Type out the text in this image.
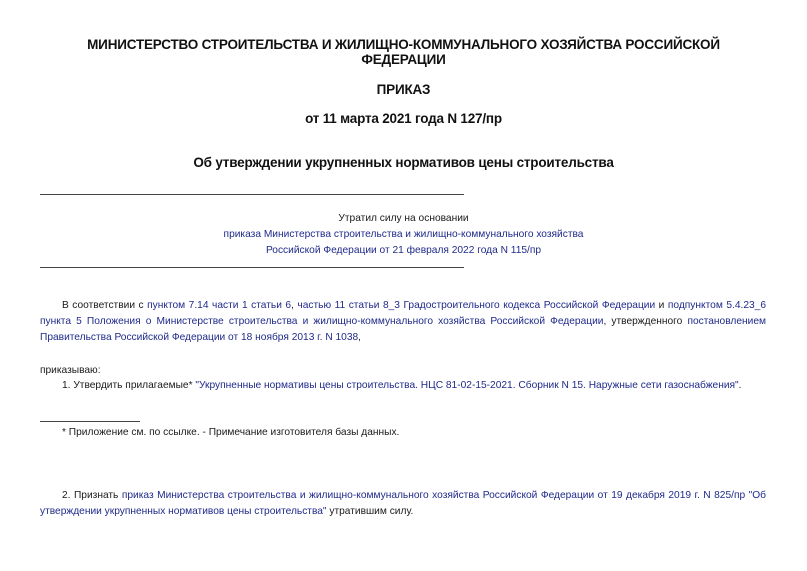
МИНИСТЕРСТВО СТРОИТЕЛЬСТВА И ЖИЛИЩНО-КОММУНАЛЬНОГО ХОЗЯЙСТВА РОССИЙСКОЙ
ФЕДЕРАЦИИ
ПРИКАЗ
от 11 марта 2021 года N 127/пр
Об утверждении укрупненных нормативов цены строительства
Утратил силу на основании
приказа Министерства строительства и жилищно-коммунального хозяйства
Российской Федерации от 21 февраля 2022 года N 115/пр
В соответствии с пунктом 7.14 части 1 статьи 6, частью 11 статьи 8_3 Градостроительного кодекса Российской Федерации и подпунктом 5.4.23_6 пункта 5 Положения о Министерстве строительства и жилищно-коммунального хозяйства Российской Федерации, утвержденного постановлением Правительства Российской Федерации от 18 ноября 2013 г. N 1038,
приказываю:
1. Утвердить прилагаемые* "Укрупненные нормативы цены строительства. НЦС 81-02-15-2021. Сборник N 15. Наружные сети газоснабжения".
* Приложение см. по ссылке. - Примечание изготовителя базы данных.
2. Признать приказ Министерства строительства и жилищно-коммунального хозяйства Российской Федерации от 19 декабря 2019 г. N 825/пр "Об утверждении укрупненных нормативов цены строительства" утратившим силу.
